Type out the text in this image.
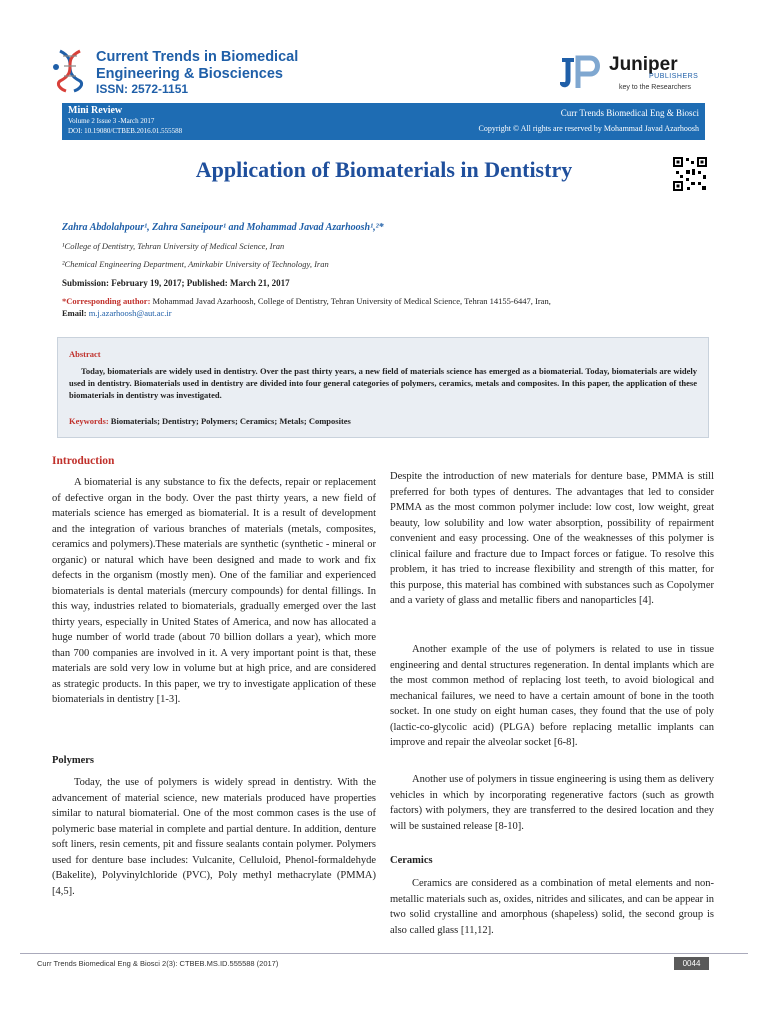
Current Trends in Biomedical
Engineering & Biosciences
ISSN: 2572-1151
Juniper
PUBLISHERS
key to the Researchers
Mini Review
Volume 2 Issue 3 -March 2017
DOI: 10.19080/CTBEB.2016.01.555588
Curr Trends Biomedical Eng & Biosci
Copyright © All rights are reserved by Mohammad Javad Azarhoosh
Application of Biomaterials in Dentistry
Zahra Abdolahpour¹, Zahra Saneipour¹ and Mohammad Javad Azarhoosh¹,²*
¹College of Dentistry, Tehran University of Medical Science, Iran
²Chemical Engineering Department, Amirkabir University of Technology, Iran
Submission: February 19, 2017; Published: March 21, 2017
*Corresponding author: Mohammad Javad Azarhoosh, College of Dentistry, Tehran University of Medical Science, Tehran 14155-6447, Iran,
Email: m.j.azarhoosh@aut.ac.ir
Abstract
Today, biomaterials are widely used in dentistry. Over the past thirty years, a new field of materials science has emerged as a biomaterial. Today, biomaterials are widely used in dentistry. Biomaterials used in dentistry are divided into four general categories of polymers, ceramics, metals and composites. In this paper, the application of these biomaterials in dentistry was investigated.
Keywords: Biomaterials; Dentistry; Polymers; Ceramics; Metals; Composites
Introduction

A biomaterial is any substance to fix the defects, repair or replacement of defective organ in the body. Over the past thirty years, a new field of materials science has emerged as biomaterial. It is a result of development and the integration of various branches of materials (metals, composites, ceramics and polymers).These materials are synthetic (synthetic - mineral or organic) or natural which have been designed and made to work and fix defects in the organism (mostly men). One of the familiar and experienced biomaterials is dental materials (mercury compounds) for dental fillings. In this way, industries related to biomaterials, gradually emerged over the last thirty years, especially in United States of America, and now has allocated a huge number of world trade (about 70 billion dollars a year), which more than 700 companies are involved in it. A very important point is that, these materials are sold very low in volume but at high price, and are considered as strategic products. In this paper, we try to investigate application of these biomaterials in dentistry [1-3].

Polymers

Today, the use of polymers is widely spread in dentistry. With the advancement of material science, new materials produced have properties similar to natural biomaterial. One of the most common cases is the use of polymeric base material in complete and partial denture. In addition, denture soft liners, resin cements, pit and fissure sealants contain polymer. Polymers used for denture base includes: Vulcanite, Celluloid, Phenol-formaldehyde (Bakelite), Polyvinylchloride (PVC), Poly methyl methacrylate (PMMA) [4,5].

Despite the introduction of new materials for denture base, PMMA is still preferred for both types of dentures. The advantages that led to consider PMMA as the most common polymer include: low cost, low weight, great beauty, low solubility and low water absorption, possibility of repairment convenient and easy processing. One of the weaknesses of this polymer is clinical failure and fracture due to Impact forces or fatigue. To resolve this problem, it has tried to increase flexibility and strength of this matter, for this purpose, this material has combined with substances such as Copolymer and a variety of glass and metallic fibers and nanoparticles [4].

Another example of the use of polymers is related to use in tissue engineering and dental structures regeneration. In dental implants which are the most common method of replacing lost teeth, to avoid biological and mechanical failures, we need to have a certain amount of bone in the tooth socket. In one study on eight human cases, they found that the use of poly (lactic-co-glycolic acid) (PLGA) before replacing metallic implants can improve and repair the alveolar socket [6-8].

Another use of polymers in tissue engineering is using them as delivery vehicles in which by incorporating regenerative factors (such as growth factors) with polymers, they are transferred to the desired location and they will be sustained release [8-10].

Ceramics

Ceramics are considered as a combination of metal elements and non-metallic materials such as, oxides, nitrides and silicates, and can be appear in two solid crystalline and amorphous (shapeless) solid, the second group is also called glass [11,12].

Curr Trends Biomedical Eng & Biosci 2(3): CTBEB.MS.ID.555588 (2017)	0044
